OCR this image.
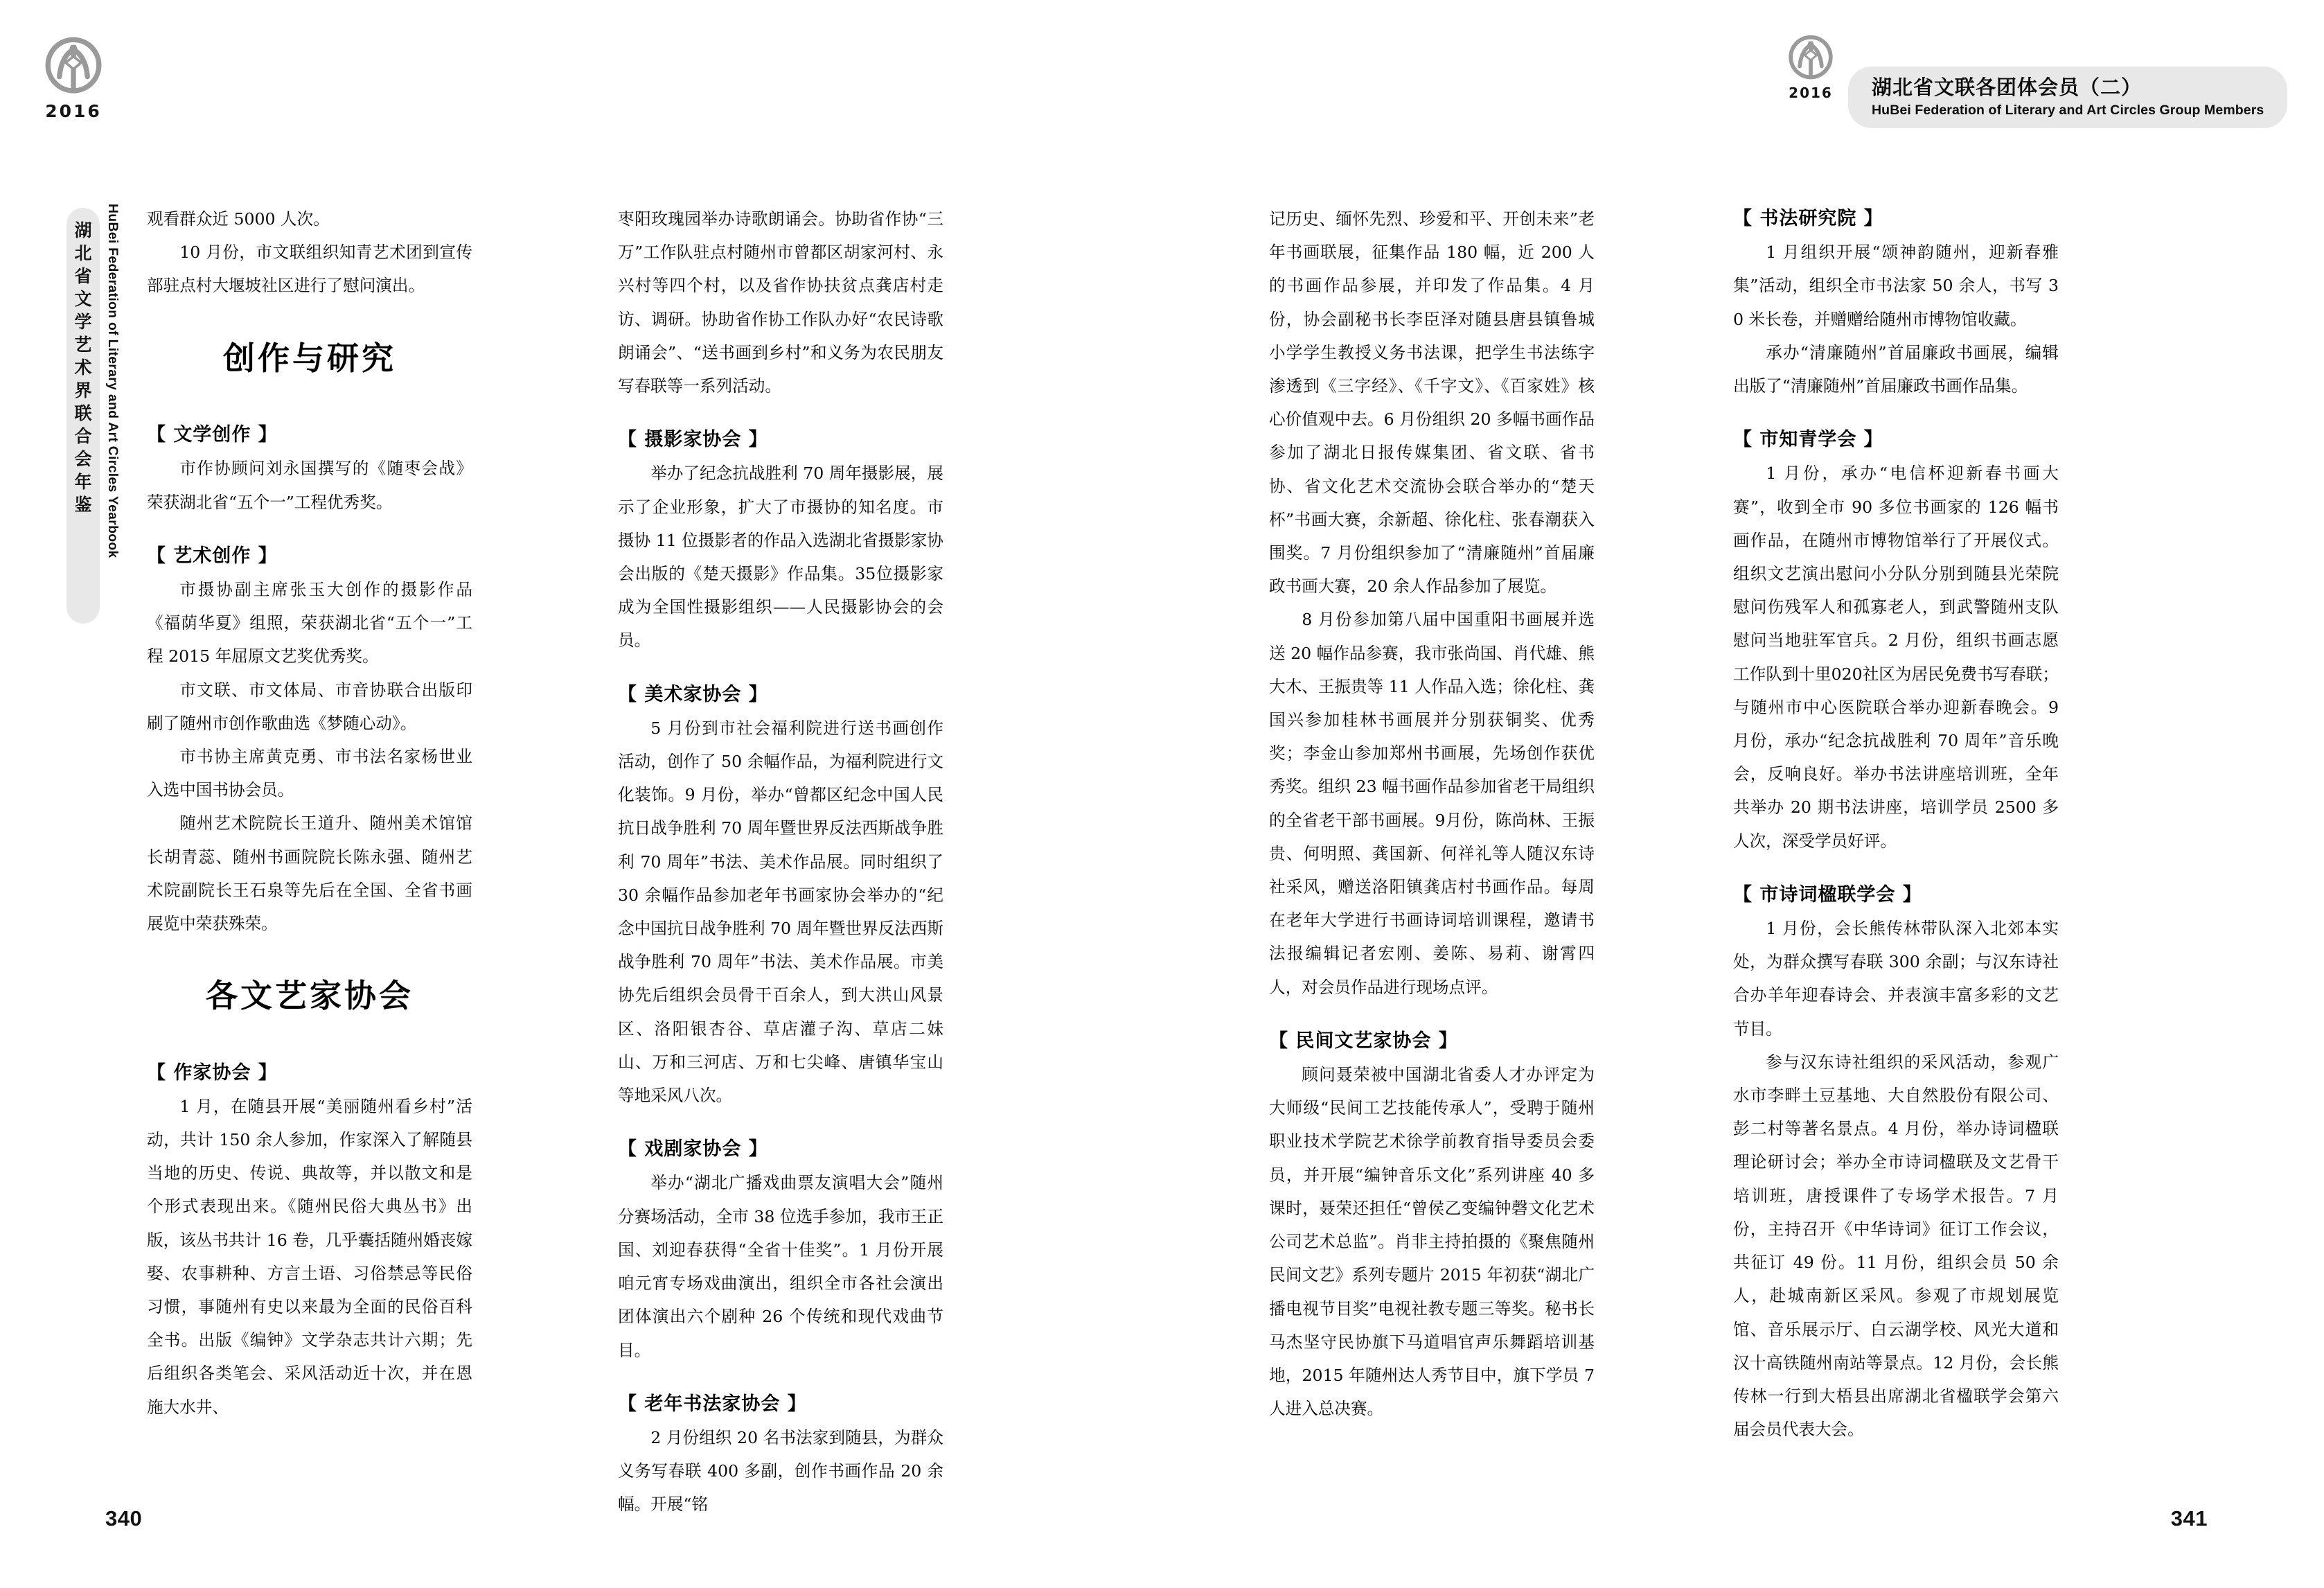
2016
湖
北
省
文
学
艺
术
界
联
合
会
年
鉴 HuBei Federation of Literary and Art Circles Yearbook 观看群众近 5000 人次。

10 月份，市文联组织知青艺术团到宣传部驻点村大堰坡社区进行了慰问演出。

创作与研究
【 文学创作 】

市作协顾问刘永国撰写的《随枣会战》荣获湖北省“五个一”工程优秀奖。

【 艺术创作 】

市摄协副主席张玉大创作的摄影作品《福荫华夏》组照，荣获湖北省“五个一”工程 2015 年屈原文艺奖优秀奖。

市文联、市文体局、市音协联合出版印刷了随州市创作歌曲选《梦随心动》。

市书协主席黄克勇、市书法名家杨世业入选中国书协会员。

随州艺术院院长王道升、随州美术馆馆长胡青蕊、随州书画院院长陈永强、随州艺术院副院长王石泉等先后在全国、全省书画展览中荣获殊荣。

各文艺家协会
【 作家协会 】

1 月，在随县开展“美丽随州看乡村”活动，共计 150 余人参加，作家深入了解随县当地的历史、传说、典故等，并以散文和是个形式表现出来。《随州民俗大典丛书》出版，该丛书共计 16 卷，几乎囊括随州婚丧嫁娶、农事耕种、方言土语、习俗禁忌等民俗习惯，事随州有史以来最为全面的民俗百科全书。出版《编钟》文学杂志共计六期；先后组织各类笔会、采风活动近十次，并在恩施大水井、

枣阳玫瑰园举办诗歌朗诵会。协助省作协“三万”工作队驻点村随州市曾都区胡家河村、永兴村等四个村，以及省作协扶贫点龚店村走访、调研。协助省作协工作队办好“农民诗歌朗诵会”、“送书画到乡村”和义务为农民朋友写春联等一系列活动。

【 摄影家协会 】

举办了纪念抗战胜利 70 周年摄影展，展示了企业形象，扩大了市摄协的知名度。市摄协 11 位摄影者的作品入选湖北省摄影家协会出版的《楚天摄影》作品集。35位摄影家成为全国性摄影组织——人民摄影协会的会员。

【 美术家协会 】

5 月份到市社会福利院进行送书画创作活动，创作了 50 余幅作品，为福利院进行文化装饰。9 月份，举办“曾都区纪念中国人民抗日战争胜利 70 周年暨世界反法西斯战争胜利 70 周年”书法、美术作品展。同时组织了 30 余幅作品参加老年书画家协会举办的“纪念中国抗日战争胜利 70 周年暨世界反法西斯战争胜利 70 周年”书法、美术作品展。市美协先后组织会员骨干百余人，到大洪山风景区、洛阳银杏谷、草店灌子沟、草店二妹山、万和三河店、万和七尖峰、唐镇华宝山等地采风八次。

【 戏剧家协会 】

举办“湖北广播戏曲票友演唱大会”随州分赛场活动，全市 38 位选手参加，我市王正国、刘迎春获得“全省十佳奖”。1 月份开展咱元宵专场戏曲演出，组织全市各社会演出团体演出六个剧种 26 个传统和现代戏曲节目。

【 老年书法家协会 】

2 月份组织 20 名书法家到随县，为群众义务写春联 400 多副，创作书画作品 20 余幅。开展“铭

340
2016 湖北省文联各团体会员（二）
HuBei Federation of Literary and Art Circles Group Members

记历史、缅怀先烈、珍爱和平、开创未来”老年书画联展，征集作品 180 幅，近 200 人的书画作品参展，并印发了作品集。4 月份，协会副秘书长李臣泽对随县唐县镇鲁城小学学生教授义务书法课，把学生书法练字渗透到《三字经》、《千字文》、《百家姓》核心价值观中去。6 月份组织 20 多幅书画作品参加了湖北日报传媒集团、省文联、省书协、省文化艺术交流协会联合举办的“楚天杯”书画大赛，余新超、徐化柱、张春潮获入围奖。7 月份组织参加了“清廉随州”首届廉政书画大赛，20 余人作品参加了展览。

8 月份参加第八届中国重阳书画展并选送 20 幅作品参赛，我市张尚国、肖代雄、熊大木、王振贵等 11 人作品入选；徐化柱、龚国兴参加桂林书画展并分别获铜奖、优秀奖；李金山参加郑州书画展，先场创作获优秀奖。组织 23 幅书画作品参加省老干局组织的全省老干部书画展。9月份，陈尚林、王振贵、何明照、龚国新、何祥礼等人随汉东诗社采风，赠送洛阳镇龚店村书画作品。每周在老年大学进行书画诗词培训课程，邀请书法报编辑记者宏刚、姜陈、易莉、谢霄四人，对会员作品进行现场点评。

【 民间文艺家协会 】

顾问聂荣被中国湖北省委人才办评定为大师级“民间工艺技能传承人”，受聘于随州职业技术学院艺术徐学前教育指导委员会委员，并开展“编钟音乐文化”系列讲座 40 多课时，聂荣还担任“曾侯乙变编钟磬文化艺术公司艺术总监”。肖非主持拍摄的《聚焦随州民间文艺》系列专题片 2015 年初获“湖北广播电视节目奖”电视社教专题三等奖。秘书长马杰坚守民协旗下马道唱官声乐舞蹈培训基地，2015 年随州达人秀节目中，旗下学员 7 人进入总决赛。

【 书法研究院 】

1 月组织开展“颂神韵随州，迎新春雅集”活动，组织全市书法家 50 余人，书写 30 米长卷，并赠赠给随州市博物馆收藏。

承办“清廉随州”首届廉政书画展，编辑出版了“清廉随州”首届廉政书画作品集。

【 市知青学会 】

1 月份，承办“电信杯迎新春书画大赛”，收到全市 90 多位书画家的 126 幅书画作品，在随州市博物馆举行了开展仪式。组织文艺演出慰问小分队分别到随县光荣院慰问伤残军人和孤寡老人，到武警随州支队慰问当地驻军官兵。2 月份，组织书画志愿工作队到十里020社区为居民免费书写春联；与随州市中心医院联合举办迎新春晚会。9 月份，承办“纪念抗战胜利 70 周年”音乐晚会，反响良好。举办书法讲座培训班，全年共举办 20 期书法讲座，培训学员 2500 多人次，深受学员好评。

【 市诗词楹联学会 】

1 月份，会长熊传林带队深入北郊本实处，为群众撰写春联 300 余副；与汉东诗社合办羊年迎春诗会、并表演丰富多彩的文艺节目。

参与汉东诗社组织的采风活动，参观广水市李畔土豆基地、大自然股份有限公司、彭二村等著名景点。4 月份，举办诗词楹联理论研讨会；举办全市诗词楹联及文艺骨干培训班，唐授课件了专场学术报告。7 月份，主持召开《中华诗词》征订工作会议，共征订 49 份。11 月份，组织会员 50 余人，赴城南新区采风。参观了市规划展览馆、音乐展示厅、白云湖学校、风光大道和汉十高铁随州南站等景点。12 月份，会长熊传林一行到大梧县出席湖北省楹联学会第六届会员代表大会。

341
